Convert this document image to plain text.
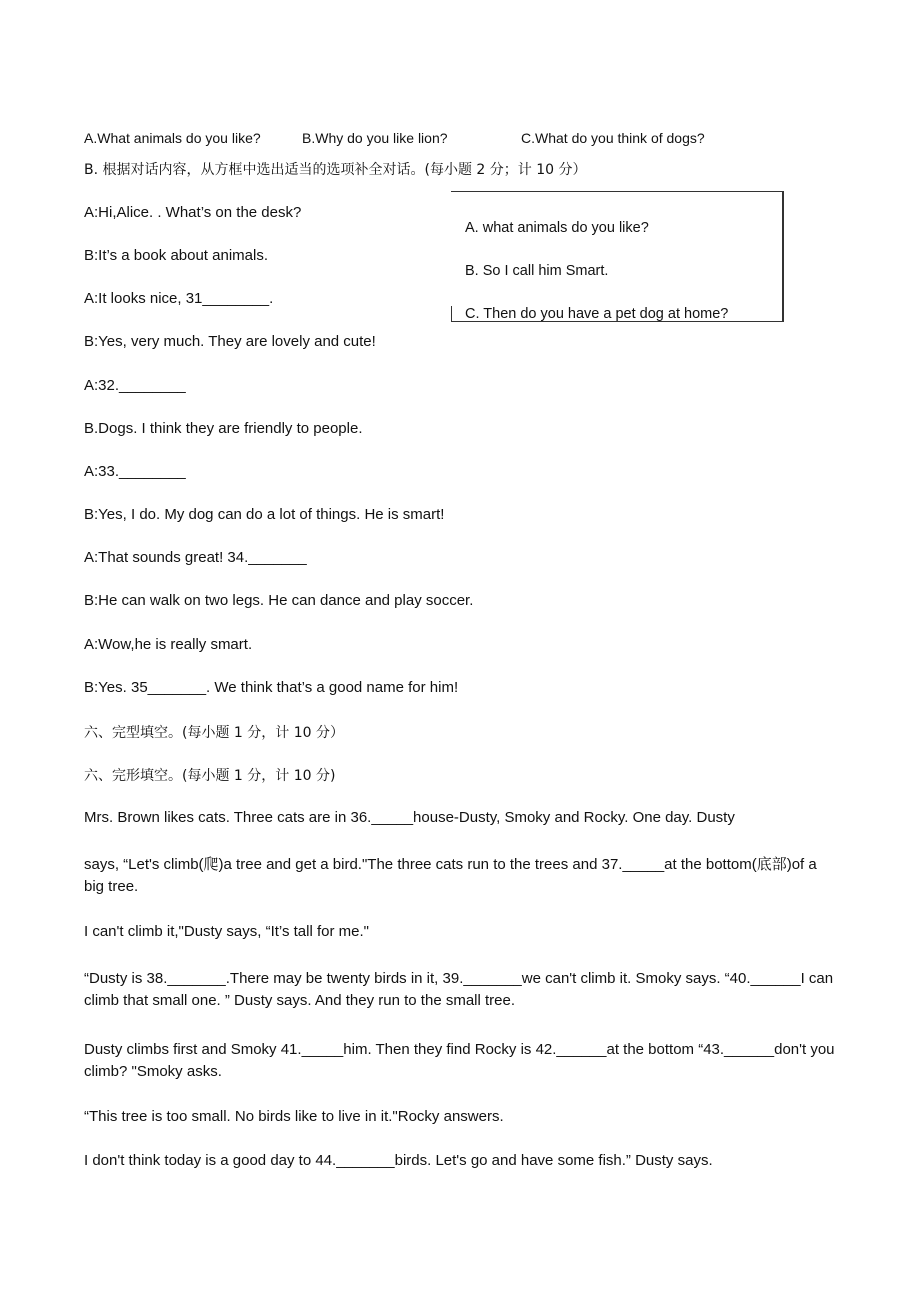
A.What animals do you like?	B.Why do you like lion?	C.What do you think of dogs?
B. 根据对话内容，从方框中选出适当的选项补全对话。(每小题 2 分；计 10 分）
A. what animals do you like?
B. So I call him Smart.
C. Then do you have a pet dog at home?
A:Hi,Alice. . What’s on the desk?
B:It’s a book about animals.
A:It looks nice, 31________.
B:Yes, very much. They are lovely and cute!
A:32.________
B.Dogs. I think they are friendly to people.
A:33.________
B:Yes, I do. My dog can do a lot of things. He is smart!
A:That sounds great! 34._______
B:He can walk on two legs. He can dance and play soccer.
A:Wow,he is really smart.
B:Yes. 35_______. We think that’s a good name for him!
六、完型填空。(每小题 1 分，计 10 分）
六、完形填空。(每小题 1 分，计 10 分)
Mrs. Brown likes cats. Three cats are in 36._____house-Dusty, Smoky and Rocky. One day. Dusty
says, “Let's climb(爬)a tree and get a bird."The three cats run to the trees and 37._____at the bottom(底部)of a big tree.
I can't climb it,"Dusty says, “It’s tall for me."
“Dusty is 38._______.There may be twenty birds in it, 39._______we can't climb it. Smoky says. “40.______I can climb that small one. ” Dusty says. And they run to the small tree.
Dusty climbs first and Smoky 41._____him. Then they find Rocky is 42.______at the bottom “43.______don't you climb? "Smoky asks.
“This tree is too small. No birds like to live in it."Rocky answers.
I don't think today is a good day to 44._______birds. Let's go and have some fish.” Dusty says.
